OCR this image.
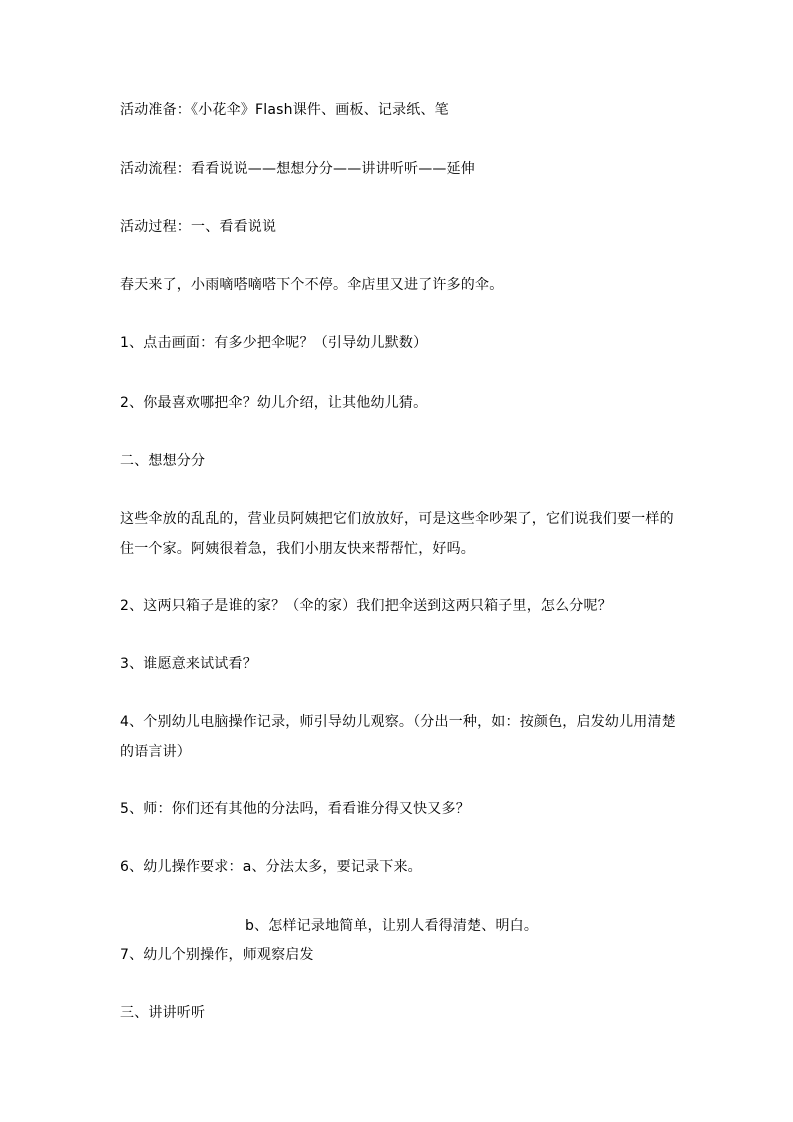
活动准备：《小花伞》Flash课件、画板、记录纸、笔
活动流程：看看说说——想想分分——讲讲听听——延伸
活动过程：一、看看说说
春天来了，小雨嘀嗒嘀嗒下个不停。伞店里又进了许多的伞。
1、点击画面：有多少把伞呢？（引导幼儿默数）
2、你最喜欢哪把伞？幼儿介绍，让其他幼儿猜。
二、想想分分
这些伞放的乱乱的，营业员阿姨把它们放放好，可是这些伞吵架了，它们说我们要一样的住一个家。阿姨很着急，我们小朋友快来帮帮忙，好吗。
2、这两只箱子是谁的家？（伞的家）我们把伞送到这两只箱子里，怎么分呢？
3、谁愿意来试试看？
4、个别幼儿电脑操作记录，师引导幼儿观察。（分出一种，如：按颜色，启发幼儿用清楚的语言讲）
5、师：你们还有其他的分法吗，看看谁分得又快又多？
6、幼儿操作要求：a、分法太多，要记录下来。
b、怎样记录地简单，让别人看得清楚、明白。
7、幼儿个别操作，师观察启发
三、讲讲听听
